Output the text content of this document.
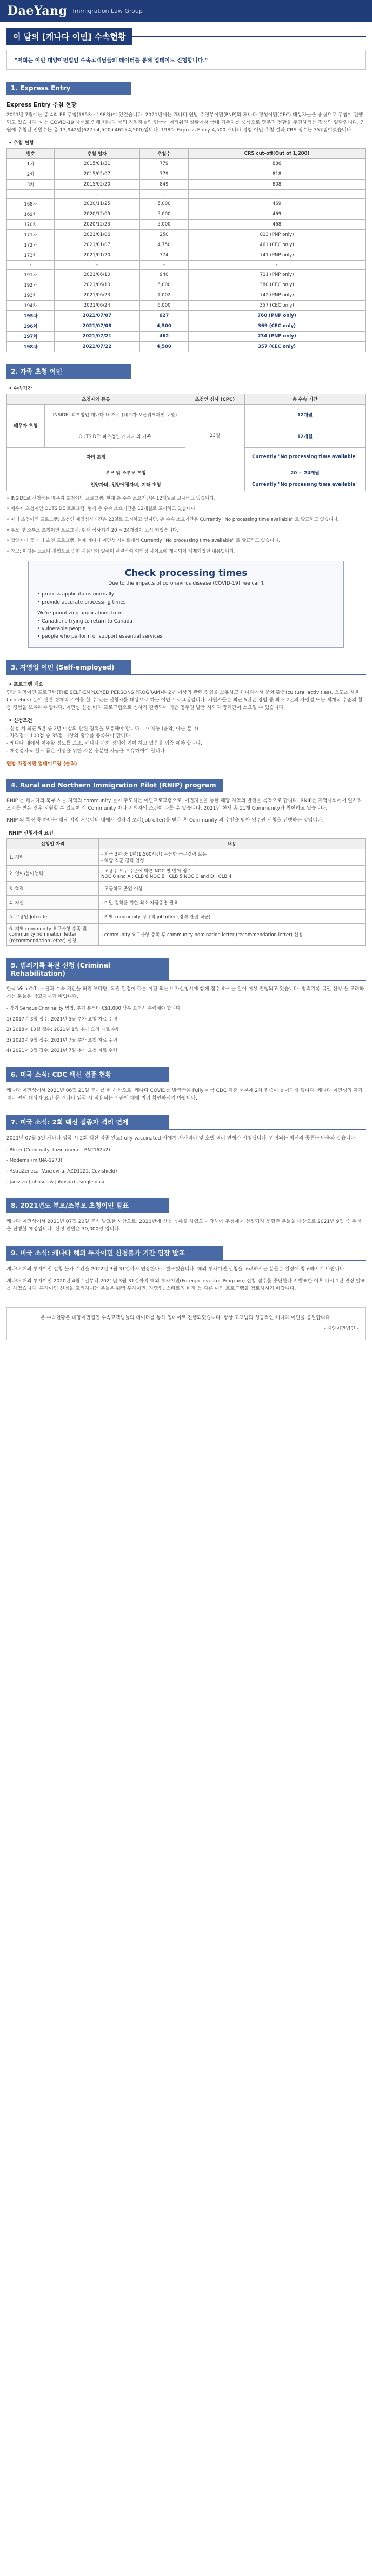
DaeYang Immigration Law Group
이 달의 [캐나다 이민] 수속현황
"저희는 이번 대양이민법인 수속고객님들의 데이터를 통해 업데이트 진행합니다."
1. Express Entry
Express Entry 추첨 현황

2021년 7월에는 총 4회 EE 추첨(195차~198차)이 있었습니다. 2021년에는 캐나다 연방 주정부이민(PNP)와 캐나다 경험이민(CEC) 대상자들을 중심으로 추첨이 진행되고 있습니다. 이는 COVID-19 사태로 인해 캐나다 국외 지원자들의 입국이 어려워진 상황에서 국내 거주자를 중심으로 영주권 전환을 추진하려는 정책의 일환입니다. 7월에 추첨된 인원수는 총 13,942명(627+4,500+462+4,500)입니다. 198차 Express Entry 4,500 캐나다 경험 이민 추첨 결과 CRS 점수는 357점이었습니다.

• 추첨 현황
번호	추첨 일자	추첨수	CRS cut-off(Out of 1,200)
1차	2015/01/31	779	886
2차	2015/02/07	779	818
3차	2015/02/20	849	808
-	-	-	-
168차	2020/11/25	5,000	469
169차	2020/12/09	5,000	469
170차	2020/12/23	5,000	468
171차	2021/01/06	250	813 (PNP only)
172차	2021/01/07	4,750	461 (CEC only)
173차	2021/01/20	374	741 (PNP only)
-	-	-	-
191차	2021/06/10	940	711 (PNP only)
192차	2021/06/10	6,000	380 (CEC only)
193차	2021/06/23	1,002	742 (PNP only)
194차	2021/06/24	6,000	357 (CEC only)
195차	2021/07/07	627	760 (PNP only)
196차	2021/07/08	4,500	369 (CEC only)
197차	2021/07/21	462	734 (PNP only)
198차	2021/07/22	4,500	357 (CEC only)
2. 가족 초청 이민
• 수속기간
초청자와 종류		초청인 심사 (CPC)	총 수속 기간
배우자 초청	INSIDE: 피초청인 캐나다 내 거주 (배우자 오픈워크퍼밋 포함)	23일	12개월
	OUTSIDE: 피초청인 캐나다 외 거주		12개월
자녀 초청			Currently "No processing time available"
부모 및 조부모 초청			20 ~ 24개월
입양자녀, 입양예정자녀, 기타 초청			Currently "No processing time available"
• INSIDE로 신청하는 배우자 초청이민 프로그램: 현재 총 수속 소요기간은 12개월로 고시하고 있습니다.
• 배우자 초청이민 OUTSIDE 프로그램: 현재 총 수속 소요기간은 12개월로 고시하고 있습니다.
• 자녀 초청이민 프로그램: 초청인 재정심사기간은 23일로 고시하고 있지만, 총 수속 소요기간은 Currently "No processing time available" 로 발표하고 있습니다.
• 부모 및 조부모 초청이민 프로그램: 현재 심사기간 20 ~ 24개월이 고시 되었습니다.
• 입양자녀 등 기타 초청 프로그램: 현재 캐나다 이민성 사이트에서 Currently "No processing time available" 로 발표하고 있습니다.
• 참고: 이래는 코로나 질병으로 인한 사용님이 일해이 관련하여 이민성 사이트에 게시되어 게재되었던 내용입니다.
Check processing times
Due to the impacts of coronavirus disease (COVID-19), we can't
• process applications normally
• provide accurate processing times
We're prioritizing applications from
• Canadians trying to return to Canada
• vulnerable people
• people who perform or support essential services
3. 자영업 이민 (Self-employed)
• 프로그램 개요

연방 자영이민 프로그램(THE SELF-EMPLOYED PERSONS PROGRAM)은 2년 이상의 관련 경험을 보유하고 캐나다에서 문화 활동(cultural activities), 스포츠 체육(athletics) 분야 관련 경제적 기여를 할 수 있는 신청자를 대상으로 하는 이민 프로그램입니다. 지원자들은 최근 5년간 경험 중 최소 2년의 자영업 또는 세계적 수준의 활동 경험을 보유해야 합니다. 이민성 신청 비자 프로그램으로 심사가 진행되며 최종 영주권 발급 시까지 장기간이 소요될 수 있습니다.

• 신청조건

- 신청 서 최근 5년 중 2년 이상의 관련 경력을 보유해야 합니다. - 예체능 (음악, 예술 분야)
- 자격점수 100점 중 35점 이상의 점수를 충족해야 합니다.
- 캐나다 내에서 이주할 정도를 보조, 캐나다 사회 경제에 기여 하고 있음을 입증 해야 합니다.
- 재정정자료 힐도 품은 사업을 위한 자본 충분한 자금을 보유하여야 합니다.

연방 자영이민 업데이트랑 (클릭)
4. Rural and Northern Immigration Pilot (RNIP) program

RNIP 는 캐나다의 북부 시골 지역의 community 들이 주도하는 이민프로그램으로, 이민자들을 통한 해당 지역의 발전을 목적으로 합니다. RNIP는 지역사회에서 일자리 오퍼를 받은 경우 지원할 수 있으며 각 Community 마다 지원자의 조건이 다를 수 있습니다. 2021년 현재 총 11개 Community가 참여하고 있습니다.

RNIP 의 특징 중 하나는 해당 지역 커뮤니티 내에서 일자리 오퍼(Job offer)를 받은 후 Community 의 추천을 받아 영주권 신청을 진행하는 것입니다.

RNIP 신청자격 요건
신청인 자격	내용
1. 경력	- 최근 3년 중 1년(1,560시간) 동등한 근무경력 보유
- 해당 직군 경력 인정
2. 영어/불어능력	- 고용주 요구 수준에 따른 NOC 별 언어 점수
NOC 0 and A : CLB 6 NOC B : CLB 5 NOC C and D : CLB 4
3. 학력	- 고등학교 졸업 이상
4. 자산	- 이민 정착을 위한 최소 자금증명 필요
5. 고용인 Job offer	- 지역 community 정규직 job offer (경력 관련 직군)
6. 지역 community 요구사항 충족 및 community nomination letter (recommendation letter) 신청	- community 요구사항 충족 후 community nomination letter (recommendation letter) 신청
5. 범죄기록 복권 신청 (Criminal Rehabilitation)

한국 Visa Office 불과 수속 기간을 허인 보다면, 복권 일정이 다른 이전 외는 비자신청시에 함께 접수 하시는 일이 이상 진행되고 있습니다. 범죄기록 복권 신청 을 고려하시는 분들은 참고하시기 바랍니다.

- 장기 Serious Criminality 범법, 추가 분석비 C$1,000 남부 요청시 수령해야 합니다.
1) 2017년 3월 접수: 2021년 5월 추가 요청 자료 수령
2) 2018년 10월 접수: 2021년 1월 추가 요청 자료 수령
3) 2020년 9월 접수: 2021년 7월 추가 요청 자료 수령
4) 2021년 3월 접수: 2021년 7월 추가 요청 자료 수령
6. 미국 소식: CDC 백신 접종 현황

캐나다 이민성에서 2021년 06월 21일 공시를 한 사항으로, 캐나다 COVID를 발급받은 Fully 미국 CDC 기준 서론에 2차 접종이 들어가게 됩니다. 캐나다 이민성의 자가 격리 면제 대상자 요건 등 캐나다 입국 시 적용되는 기준에 대해 미리 확인하시기 바랍니다.

7. 미국 소식: 2회 백신 접종자 격리 면제

2021년 07월 5일 캐나다 입국 시 2회 백신 접종 완료(fully vaccinated)자에게 자가격리 및 호텔 격리 면제가 시행됩니다. 인정되는 백신의 종류는 다음과 같습니다.

- Pfizer (Comirnaty, tozinameran, BNT162b2)
- Moderna (mRNA-1273)
- AstraZeneca (Vaxzevria, AZD1222, Covishield)
- Janssen (Johnson & Johnson) - single dose
8. 2021년도 부모/조부모 초청이민 발표

캐나다 이민성에서 2021년 07월 20일 공식 발표한 사항으로, 2020년에 신청 등록을 하였으나 당해에 추첨에서 선정되지 못했던 분들을 대상으로 2021년 9월 중 추첨을 진행할 예정입니다. 선정 인원은 30,000명 입니다.

9. 미국 소식: 캐나다 해외 투자이민 신청불가 기간 연장 발표

캐나다 해외 투자이민 신청 불가 기간을 2022년 3월 31일까지 연장한다고 발표했습니다. 해외 투자이민 신청을 고려하시는 분들은 일정에 참고하시기 바랍니다.

캐나다 해외 투자이민 2020년 4월 1일부터 2021년 3월 31일까지 해외 투자이민(Foreign Investor Program) 신청 접수를 중단한다고 발표한 이후 다시 1년 연장 발표를 하였습니다. 투자이민 신청을 고려하시는 분들은 퀘벡 투자이민, 자영업, 스타트업 비자 등 다른 이민 프로그램을 검토하시기 바랍니다.

본 수속현황은 대양이민법인 수속고객님들의 데이터를 통해 업데이트 진행되었습니다. 항상 고객님의 성공적인 캐나다 이민을 응원합니다.
- 대양이민법인 -
